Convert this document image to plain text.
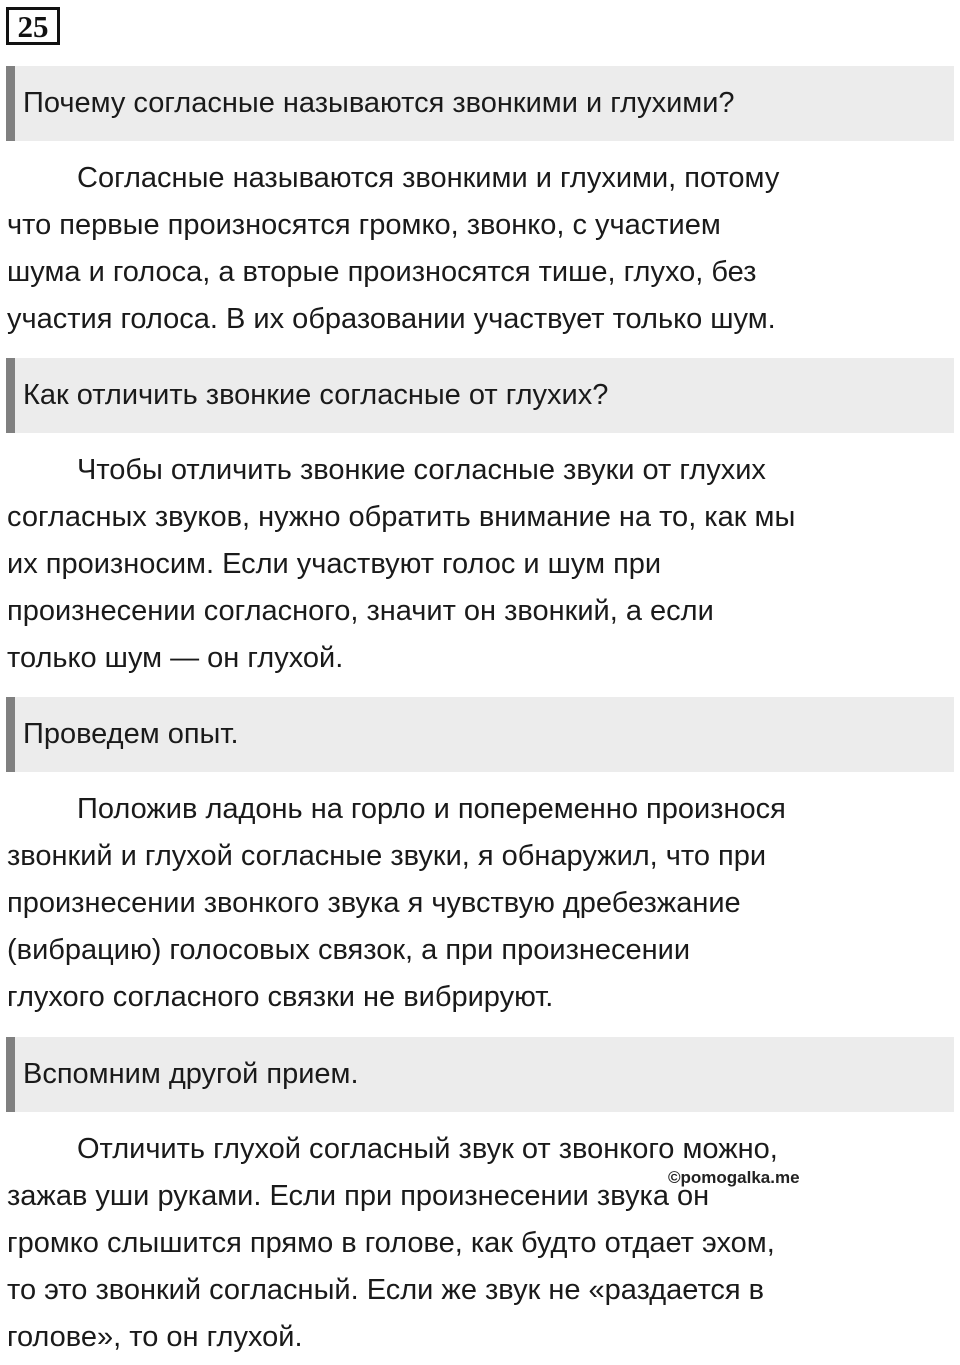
25
Почему согласные называются звонкими и глухими?

Согласные называются звонкими и глухими, потому
что первые произносятся громко, звонко, с участием
шума и голоса, а вторые произносятся тише, глухо, без
участия голоса. В их образовании участвует только шум.

Как отличить звонкие согласные от глухих?

Чтобы отличить звонкие согласные звуки от глухих
согласных звуков, нужно обратить внимание на то, как мы
их произносим. Если участвуют голос и шум при
произнесении согласного, значит он звонкий, а если
только шум — он глухой.

Проведем опыт.

Положив ладонь на горло и попеременно произнося
звонкий и глухой согласные звуки, я обнаружил, что при
произнесении звонкого звука я чувствую дребезжание
(вибрацию) голосовых связок, а при произнесении
глухого согласного связки не вибрируют.

Вспомним другой прием.

Отличить глухой согласный звук от звонкого можно,
зажав уши руками. Если при произнесении звука он
громко слышится прямо в голове, как будто отдает эхом,
то это звонкий согласный. Если же звук не «раздается в
голове», то он глухой.

©pomogalka.me
